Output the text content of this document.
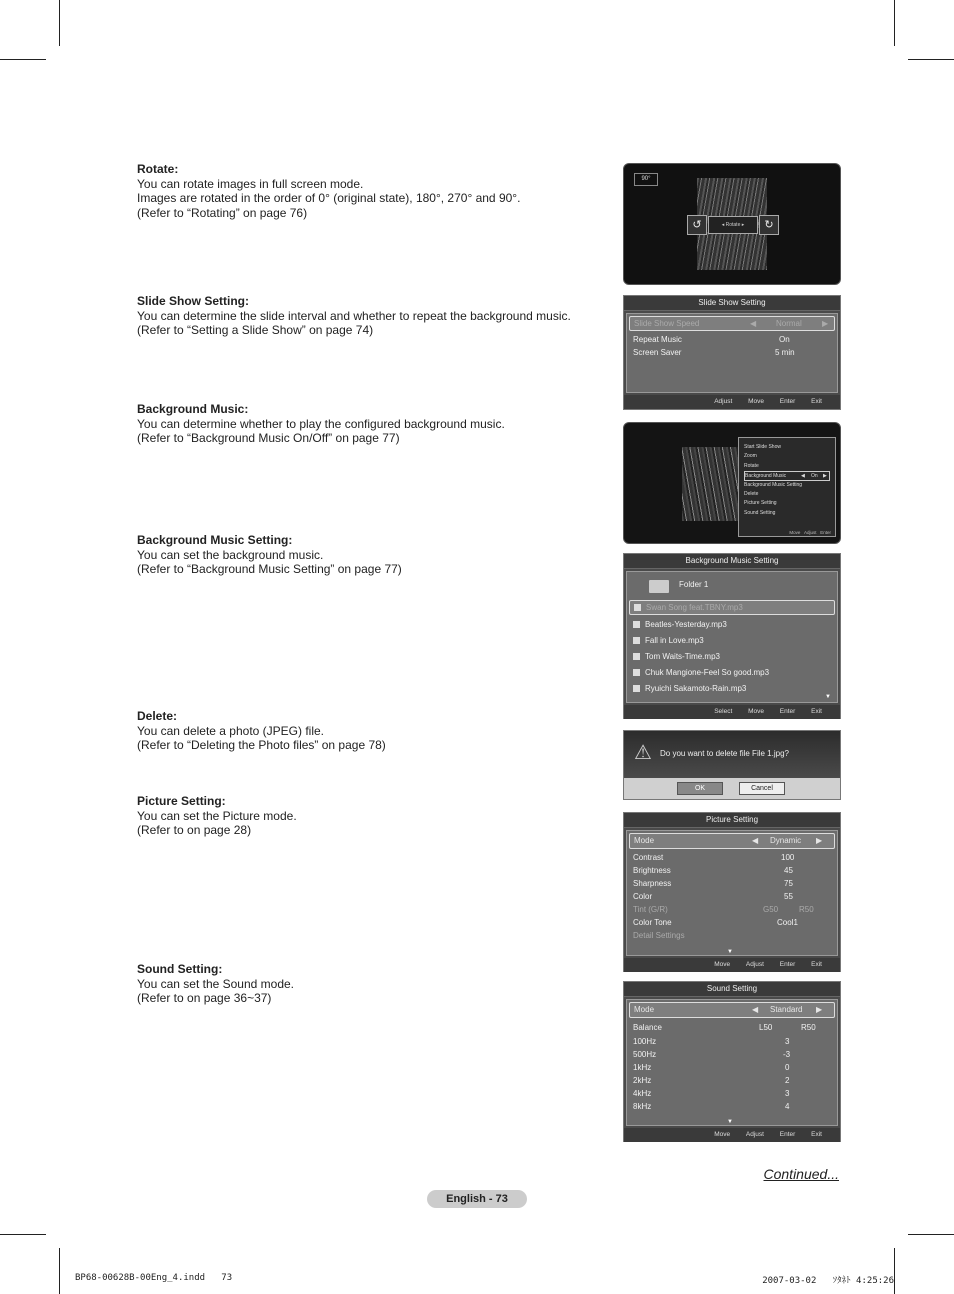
Rotate:
You can rotate images in full screen mode.
Images are rotated in the order of 0° (original state), 180°, 270° and 90°.
(Refer to “Rotating” on page 76)
Slide Show Setting:
You can determine the slide interval and whether to repeat the background music.
(Refer to “Setting a Slide Show” on page 74)
Background Music:
You can determine whether to play the configured background music.
(Refer to “Background Music On/Off” on page 77)
Background Music Setting:
You can set the background music.
(Refer to “Background Music Setting” on page 77)
Delete:
You can delete a photo (JPEG) file.
(Refer to “Deleting the Photo files” on page 78)
Picture Setting:
You can set the Picture mode.
(Refer to on page 28)
Sound Setting:
You can set the Sound mode.
(Refer to on page 36~37)
90°
↺	◂ Rotate ▸	↻
Slide Show Setting
Slide Show Speed	◀ Normal	▶
Repeat Music	On
Screen Saver	5 min
Adjust Move Enter Exit
Start Slide Show
Zoom
Rotate
Background Music	◀ On ▶
Background Music Setting
Delete
Picture Setting
Sound Setting
Move Adjust Enter
Background Music Setting
Folder 1
Swan Song feat.TBNY.mp3
Beatles-Yesterday.mp3
Fall in Love.mp3
Tom Waits-Time.mp3
Chuk Mangione-Feel So good.mp3
Ryuichi Sakamoto-Rain.mp3
▼
Select Move Enter Exit
⚠ Do you want to delete file File 1.jpg?
OK	Cancel
Picture Setting
Mode	◀ Dynamic ▶
Contrast	100
Brightness	45
Sharpness	75
Color	55
Tint (G/R)	G50	R50
Color Tone	Cool1
Detail Settings
▼
Move Adjust Enter Exit
Sound Setting
Mode	◀ Standard ▶
Balance	L50	R50
100Hz	3
500Hz	-3
1kHz	0
2kHz	2
4kHz	3
8kHz	4
▼
Move Adjust Enter Exit
Continued...
English - 73
BP68-00628B-00Eng_4.indd   73	2007-03-02   ｿﾀﾈﾄ 4:25:26
